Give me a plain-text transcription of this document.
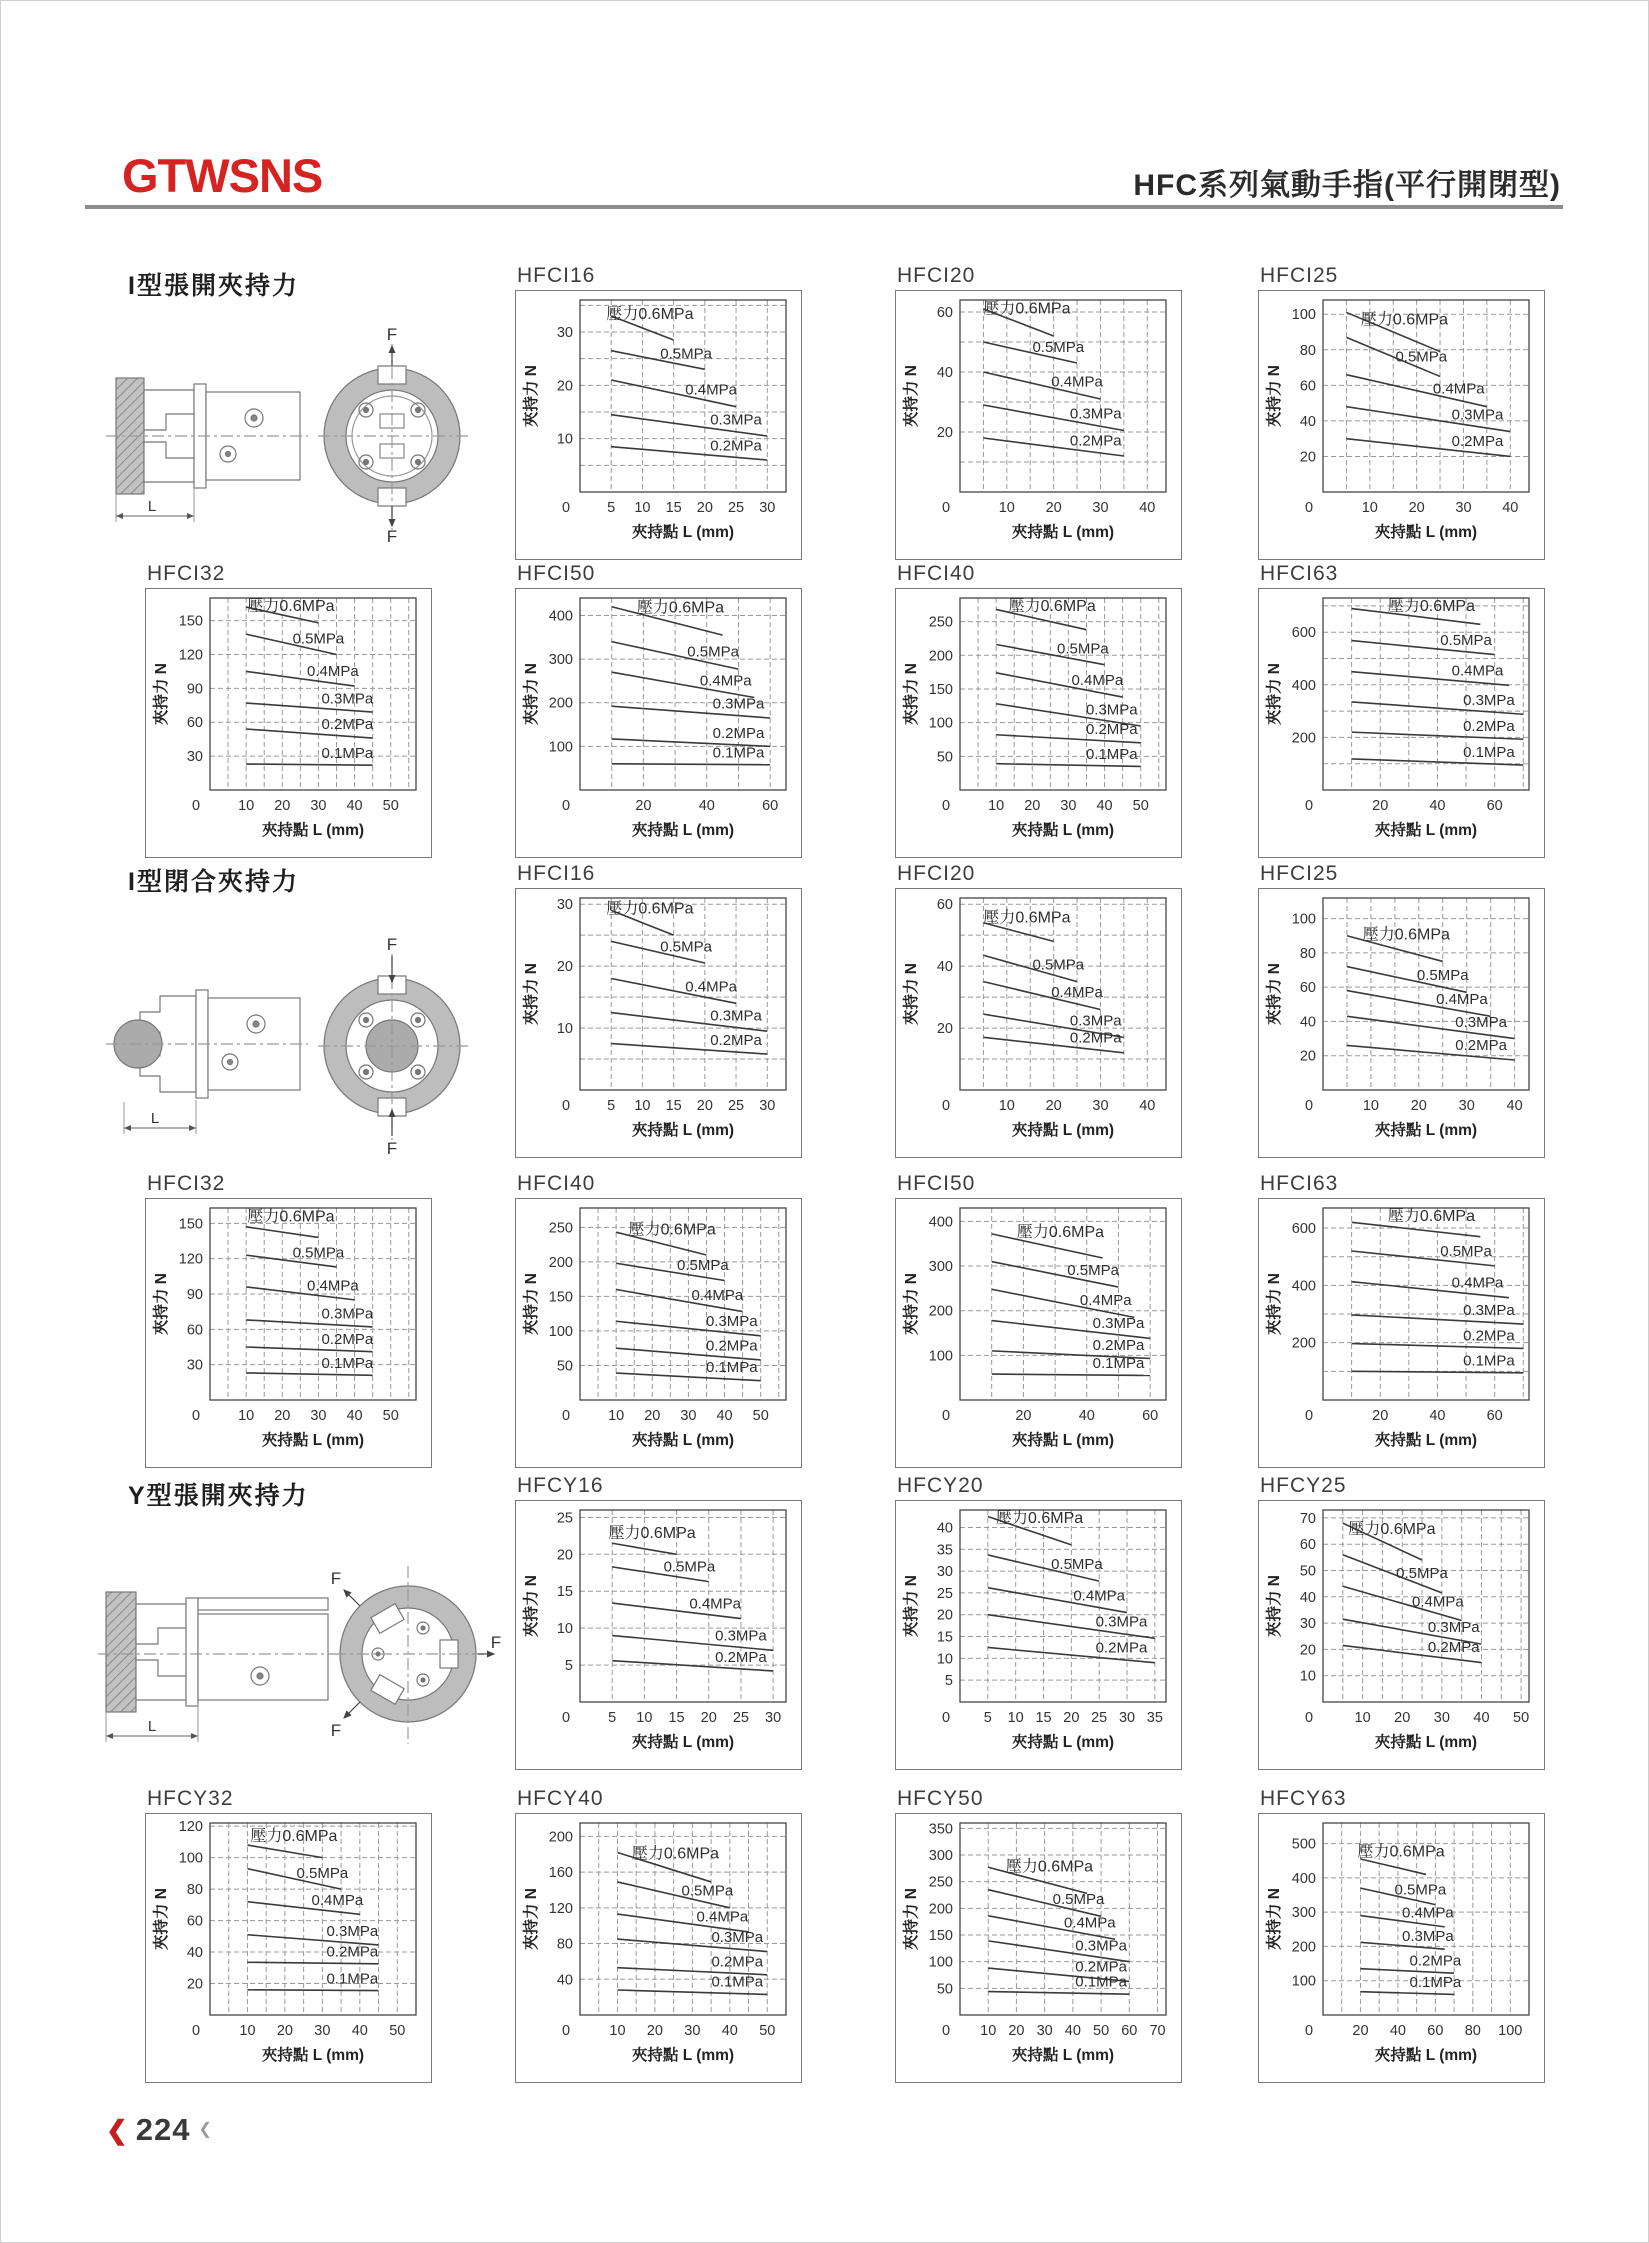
GTWSNS	HFC系列氣動手指(平行開閉型)
I型張開夾持力
I型閉合夾持力
Y型張開夾持力
L
F
F
L
F
F
F
F
F
L
HFCI16
10
20
30
0	5 10 15 20 25 30
夾持點 L (mm)
夾持力 N
壓力0.6MPa
0.5MPa
0.4MPa
0.3MPa
0.2MPa
HFCI20
20
40
60
0	10 20 30 40
夾持點 L (mm)
夾持力 N
壓力0.6MPa
0.5MPa
0.4MPa
0.3MPa
0.2MPa
HFCI25
20
40
60
80
100
0	10 20 30 40
夾持點 L (mm)
夾持力 N
壓力0.6MPa
0.5MPa
0.4MPa
0.3MPa
0.2MPa
HFCI32
30
60
90
120
150
0	10 20 30 40 50
夾持點 L (mm)
夾持力 N
壓力0.6MPa
0.5MPa
0.4MPa
0.3MPa
0.2MPa
0.1MPa
HFCI50
100
200
300
400
0	20	40	60
夾持點 L (mm)
夾持力 N
壓力0.6MPa
0.5MPa
0.4MPa
0.3MPa
0.2MPa
0.1MPa
HFCI40
50
100
150
200
250
0	10 20 30 40 50
夾持點 L (mm)
夾持力 N
壓力0.6MPa
0.5MPa
0.4MPa
0.3MPa
0.2MPa
0.1MPa
HFCI63
200
400
600
0	20	40	60
夾持點 L (mm)
夾持力 N
壓力0.6MPa
0.5MPa
0.4MPa
0.3MPa
0.2MPa
0.1MPa
HFCI16
10
20
30
0	5 10 15 20 25 30
夾持點 L (mm)
夾持力 N
壓力0.6MPa
0.5MPa
0.4MPa
0.3MPa
0.2MPa
HFCI20
20
40
60
0	10 20 30 40
夾持點 L (mm)
夾持力 N
壓力0.6MPa
0.5MPa
0.4MPa
0.3MPa
0.2MPa
HFCI25
20
40
60
80
100
0	10 20 30 40
夾持點 L (mm)
夾持力 N
壓力0.6MPa
0.5MPa
0.4MPa
0.3MPa
0.2MPa
HFCI32
30
60
90
120
150
0	10 20 30 40 50
夾持點 L (mm)
夾持力 N
壓力0.6MPa
0.5MPa
0.4MPa
0.3MPa
0.2MPa
0.1MPa
HFCI40
50
100
150
200
250
0	10 20 30 40 50
夾持點 L (mm)
夾持力 N
壓力0.6MPa
0.5MPa
0.4MPa
0.3MPa
0.2MPa
0.1MPa
HFCI50
100
200
300
400
0	20	40	60
夾持點 L (mm)
夾持力 N
壓力0.6MPa
0.5MPa
0.4MPa
0.3MPa
0.2MPa
0.1MPa
HFCI63
200
400
600
0	20	40	60
夾持點 L (mm)
夾持力 N
壓力0.6MPa
0.5MPa
0.4MPa
0.3MPa
0.2MPa
0.1MPa
HFCY16
5
10
15
20
25
0	5 10 15 20 25 30
夾持點 L (mm)
夾持力 N
壓力0.6MPa
0.5MPa
0.4MPa
0.3MPa
0.2MPa
HFCY20
5
10
15
20
25
30
35
40
0 5 10 15 20 25 30 35
夾持點 L (mm)
夾持力 N
壓力0.6MPa
0.5MPa
0.4MPa
0.3MPa
0.2MPa
HFCY25
10
20
30
40
50
60
70
0	10 20 30 40 50
夾持點 L (mm)
夾持力 N
壓力0.6MPa
0.5MPa
0.4MPa
0.3MPa
0.2MPa
HFCY32
20
40
60
80
100
120
0	10 20 30 40 50
夾持點 L (mm)
夾持力 N
壓力0.6MPa
0.5MPa
0.4MPa
0.3MPa
0.2MPa
0.1MPa
HFCY40
40
80
120
160
200
0	10 20 30 40 50
夾持點 L (mm)
夾持力 N
壓力0.6MPa
0.5MPa
0.4MPa
0.3MPa
0.2MPa
0.1MPa
HFCY50
50
100
150
200
250
300
350
0 10 20 30 40 50 60 70
夾持點 L (mm)
夾持力 N
壓力0.6MPa
0.5MPa
0.4MPa
0.3MPa
0.2MPa
0.1MPa
HFCY63
100
200
300
400
500
0	20 40 60 80 100
夾持點 L (mm)
夾持力 N
壓力0.6MPa
0.5MPa
0.4MPa
0.3MPa
0.2MPa
0.1MPa
❮ 224 ❮
